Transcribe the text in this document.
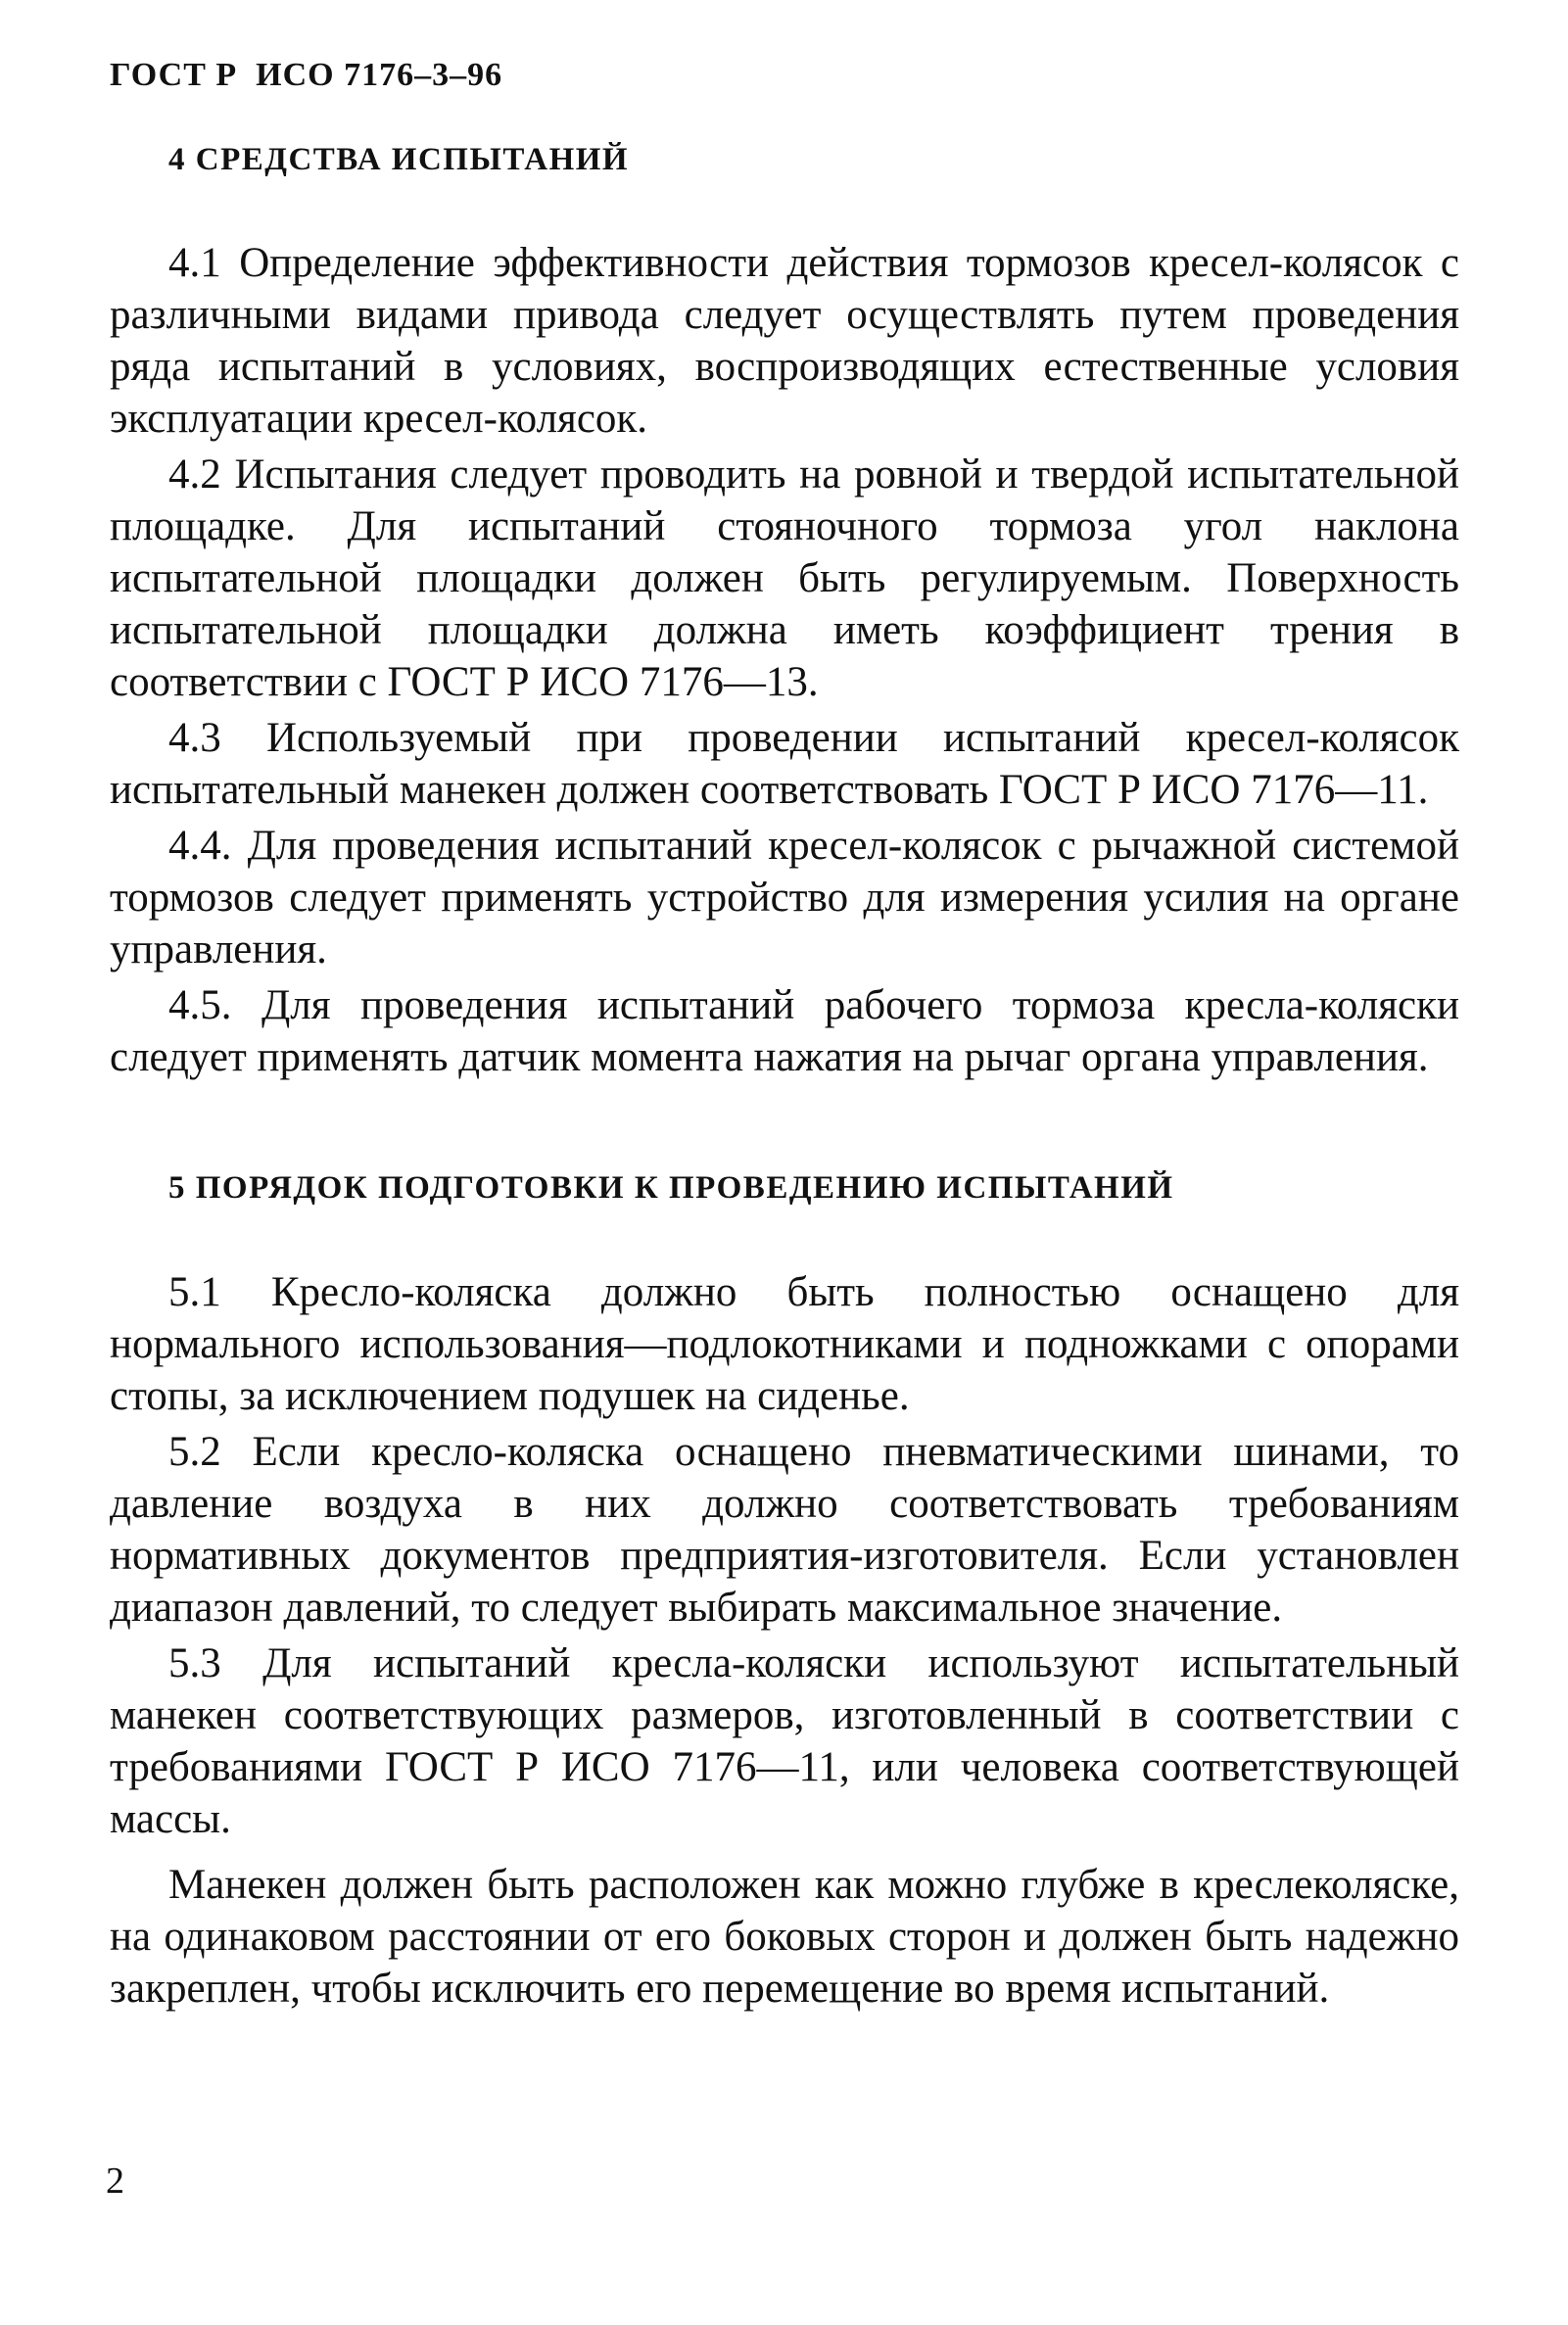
ГОСТ Р  ИСО 7176–3–96
4 СРЕДСТВА ИСПЫТАНИЙ

4.1 Определение эффективности действия тормозов кресел-колясок с различными видами привода следует осуществлять путем проведения ряда испытаний в условиях, воспроизводящих естественные условия эксплуатации кресел-колясок.

4.2 Испытания следует проводить на ровной и твердой испытательной площадке. Для испытаний стояночного тормоза угол наклона испытательной площадки должен быть регулируемым. Поверхность испытательной площадки должна иметь коэффициент трения в соответствии с ГОСТ Р ИСО 7176—13.

4.3 Используемый при проведении испытаний кресел-колясок испытательный манекен должен соответствовать ГОСТ Р ИСО 7176—11.

4.4. Для проведения испытаний кресел-колясок с рычажной системой тормозов следует применять устройство для измерения усилия на органе управления.

4.5. Для проведения испытаний рабочего тормоза кресла-коляски следует применять датчик момента нажатия на рычаг органа управления.

5 ПОРЯДОК ПОДГОТОВКИ К ПРОВЕДЕНИЮ ИСПЫТАНИЙ

5.1 Кресло-коляска должно быть полностью оснащено для нормального использования—подлокотниками и подножками с опорами стопы, за исключением подушек на сиденье.

5.2 Если кресло-коляска оснащено пневматическими шинами, то давление воздуха в них должно соответствовать требованиям нормативных документов предприятия-изготовителя. Если установлен диапазон давлений, то следует выбирать максимальное значение.

5.3 Для испытаний кресла-коляски используют испытательный манекен соответствующих размеров, изготовленный в соответствии с требованиями ГОСТ Р ИСО 7176—11, или человека соответствующей массы.

Манекен должен быть расположен как можно глубже в креслеколяске, на одинаковом расстоянии от его боковых сторон и должен быть надежно закреплен, чтобы исключить его перемещение во время испытаний.

2
